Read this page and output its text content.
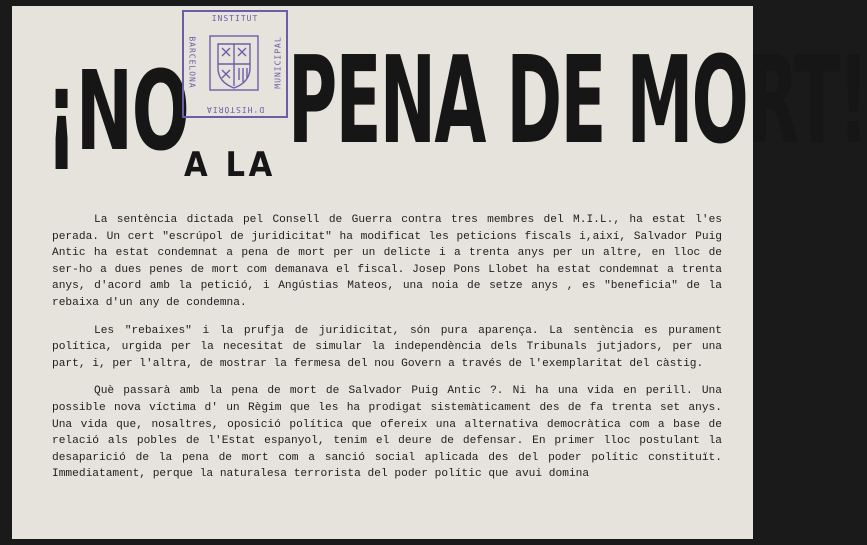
¡NO
A LA PENA DE MORT!
INSTITUT
MUNICIPAL
D'HISTÒRIA
BARCELONA

La sentència dictada pel Consell de Guerra contra tres membres del M.I.L., ha estat l'es perada. Un cert "escrúpol de juridicitat" ha modificat les peticions fiscals i,així, Salvador Puig Antic ha estat condemnat a pena de mort per un delicte i a trenta anys per un altre, en lloc de ser-ho a dues penes de mort com demanava el fiscal. Josep Pons Llobet ha estat condemnat a trenta anys, d'acord amb la petició, i Angústias Mateos, una noia de setze anys , es "beneficia" de la rebaixa d'un any de condemna.

Les "rebaixes" i la prufja de juridicitat, són pura aparença. La sentència es purament política, urgida per la necesitat de simular la independència dels Tribunals jutjadors, per una part, i, per l'altra, de mostrar la fermesa del nou Govern a través de l'exemplaritat del càstig.

Què passarà amb la pena de mort de Salvador Puig Antic ?. Ni ha una vida en perill. Una possible nova víctima d' un Règim que les ha prodigat sistemàticament des de fa trenta set anys. Una vida que, nosaltres, oposició política que ofereix una alternativa democràtica com a base de relació als pobles de l'Estat espanyol, tenim el deure de defensar. En primer lloc postulant la desaparició de la pena de mort com a sanció social aplicada des del poder polític constituït. Immediatament, perque la naturalesa terrorista del poder polític que avui domina
